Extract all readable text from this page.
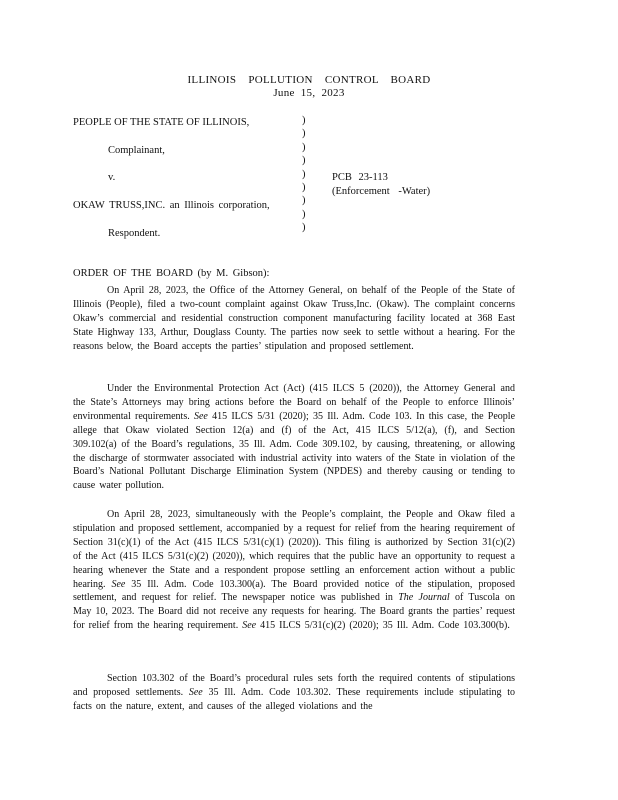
ILLINOIS POLLUTION CONTROL BOARD
June 15, 2023
PEOPLE OF THE STATE OF ILLINOIS,
Complainant,
v.
OKAW TRUSS,INC. an Illinois corporation,
Respondent.
)
)
)
)
)
)
)
)
)
PCB 23-113
(Enforcement -Water)
ORDER OF THE BOARD (by M. Gibson):

On April 28, 2023, the Office of the Attorney General, on behalf of the People of the State of Illinois (People), filed a two-count complaint against Okaw Truss,Inc. (Okaw). The complaint concerns Okaw’s commercial and residential construction component manufacturing facility located at 368 East State Highway 133, Arthur, Douglass County. The parties now seek to settle without a hearing. For the reasons below, the Board accepts the parties’ stipulation and proposed settlement.

Under the Environmental Protection Act (Act) (415 ILCS 5 (2020)), the Attorney General and the State’s Attorneys may bring actions before the Board on behalf of the People to enforce Illinois’ environmental requirements. See 415 ILCS 5/31 (2020); 35 Ill. Adm. Code 103. In this case, the People allege that Okaw violated Section 12(a) and (f) of the Act, 415 ILCS 5/12(a), (f), and Section 309.102(a) of the Board’s regulations, 35 Ill. Adm. Code 309.102, by causing, threatening, or allowing the discharge of stormwater associated with industrial activity into waters of the State in violation of the Board’s National Pollutant Discharge Elimination System (NPDES) and thereby causing or tending to cause water pollution.

On April 28, 2023, simultaneously with the People’s complaint, the People and Okaw filed a stipulation and proposed settlement, accompanied by a request for relief from the hearing requirement of Section 31(c)(1) of the Act (415 ILCS 5/31(c)(1) (2020)). This filing is authorized by Section 31(c)(2) of the Act (415 ILCS 5/31(c)(2) (2020)), which requires that the public have an opportunity to request a hearing whenever the State and a respondent propose settling an enforcement action without a public hearing. See 35 Ill. Adm. Code 103.300(a). The Board provided notice of the stipulation, proposed settlement, and request for relief. The newspaper notice was published in The Journal of Tuscola on May 10, 2023. The Board did not receive any requests for hearing. The Board grants the parties’ request for relief from the hearing requirement. See 415 ILCS 5/31(c)(2) (2020); 35 Ill. Adm. Code 103.300(b).

Section 103.302 of the Board’s procedural rules sets forth the required contents of stipulations and proposed settlements. See 35 Ill. Adm. Code 103.302. These requirements include stipulating to facts on the nature, extent, and causes of the alleged violations and the
